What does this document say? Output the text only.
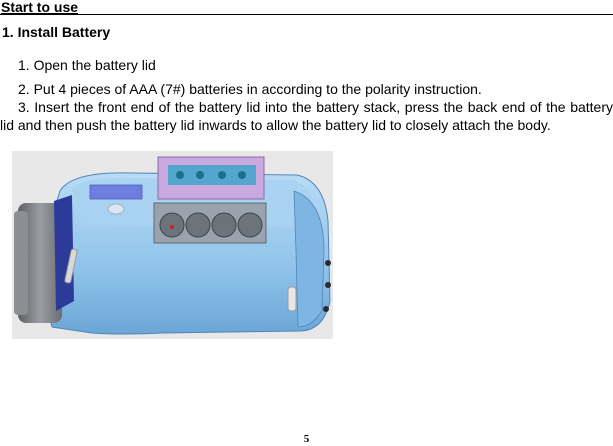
Start to use
1. Install Battery
1. Open the battery lid
2. Put 4 pieces of AAA (7#) batteries in according to the polarity instruction.
3. Insert the front end of the battery lid into the battery stack, press the back end of the battery lid and then push the battery lid inwards to allow the battery lid to closely attach the body.
5
